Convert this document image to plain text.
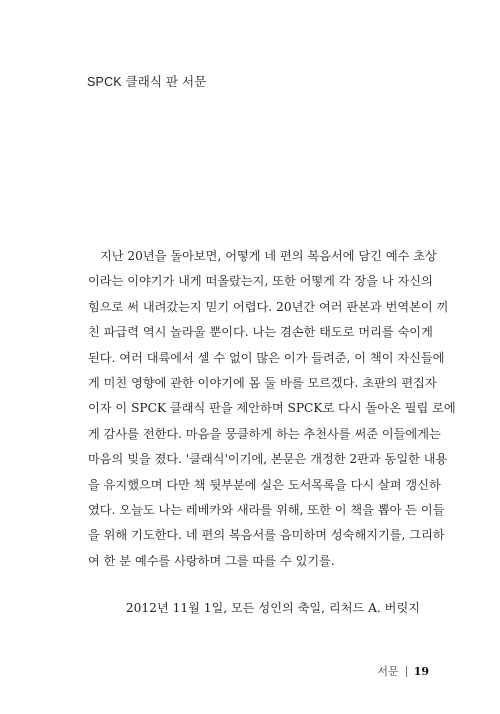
SPCK 클래식 판 서문
지난 20년을 돌아보면, 어떻게 네 편의 복음서에 담긴 예수 초상
이라는 이야기가 내게 떠올랐는지, 또한 어떻게 각 장을 나 자신의
힘으로 써 내려갔는지 믿기 어렵다. 20년간 여러 판본과 번역본이 끼
친 파급력 역시 놀라울 뿐이다. 나는 겸손한 태도로 머리를 숙이게
된다. 여러 대륙에서 셀 수 없이 많은 이가 들려준, 이 책이 자신들에
게 미친 영향에 관한 이야기에 몸 둘 바를 모르겠다. 초판의 편집자
이자 이 SPCK 클래식 판을 제안하며 SPCK로 다시 돌아온 필립 로에
게 감사를 전한다. 마음을 뭉클하게 하는 추천사를 써준 이들에게는
마음의 빚을 졌다. '클래식'이기에, 본문은 개정한 2판과 동일한 내용
을 유지했으며 다만 책 뒷부분에 실은 도서목록을 다시 살펴 갱신하
였다. 오늘도 나는 레베카와 새라를 위해, 또한 이 책을 뽑아 든 이들
을 위해 기도한다. 네 편의 복음서를 음미하며 성숙해지기를, 그리하
여 한 분 예수를 사랑하며 그를 따를 수 있기를.
2012년 11월 1일, 모든 성인의 축일, 리처드 A. 버릿지
서문 19
